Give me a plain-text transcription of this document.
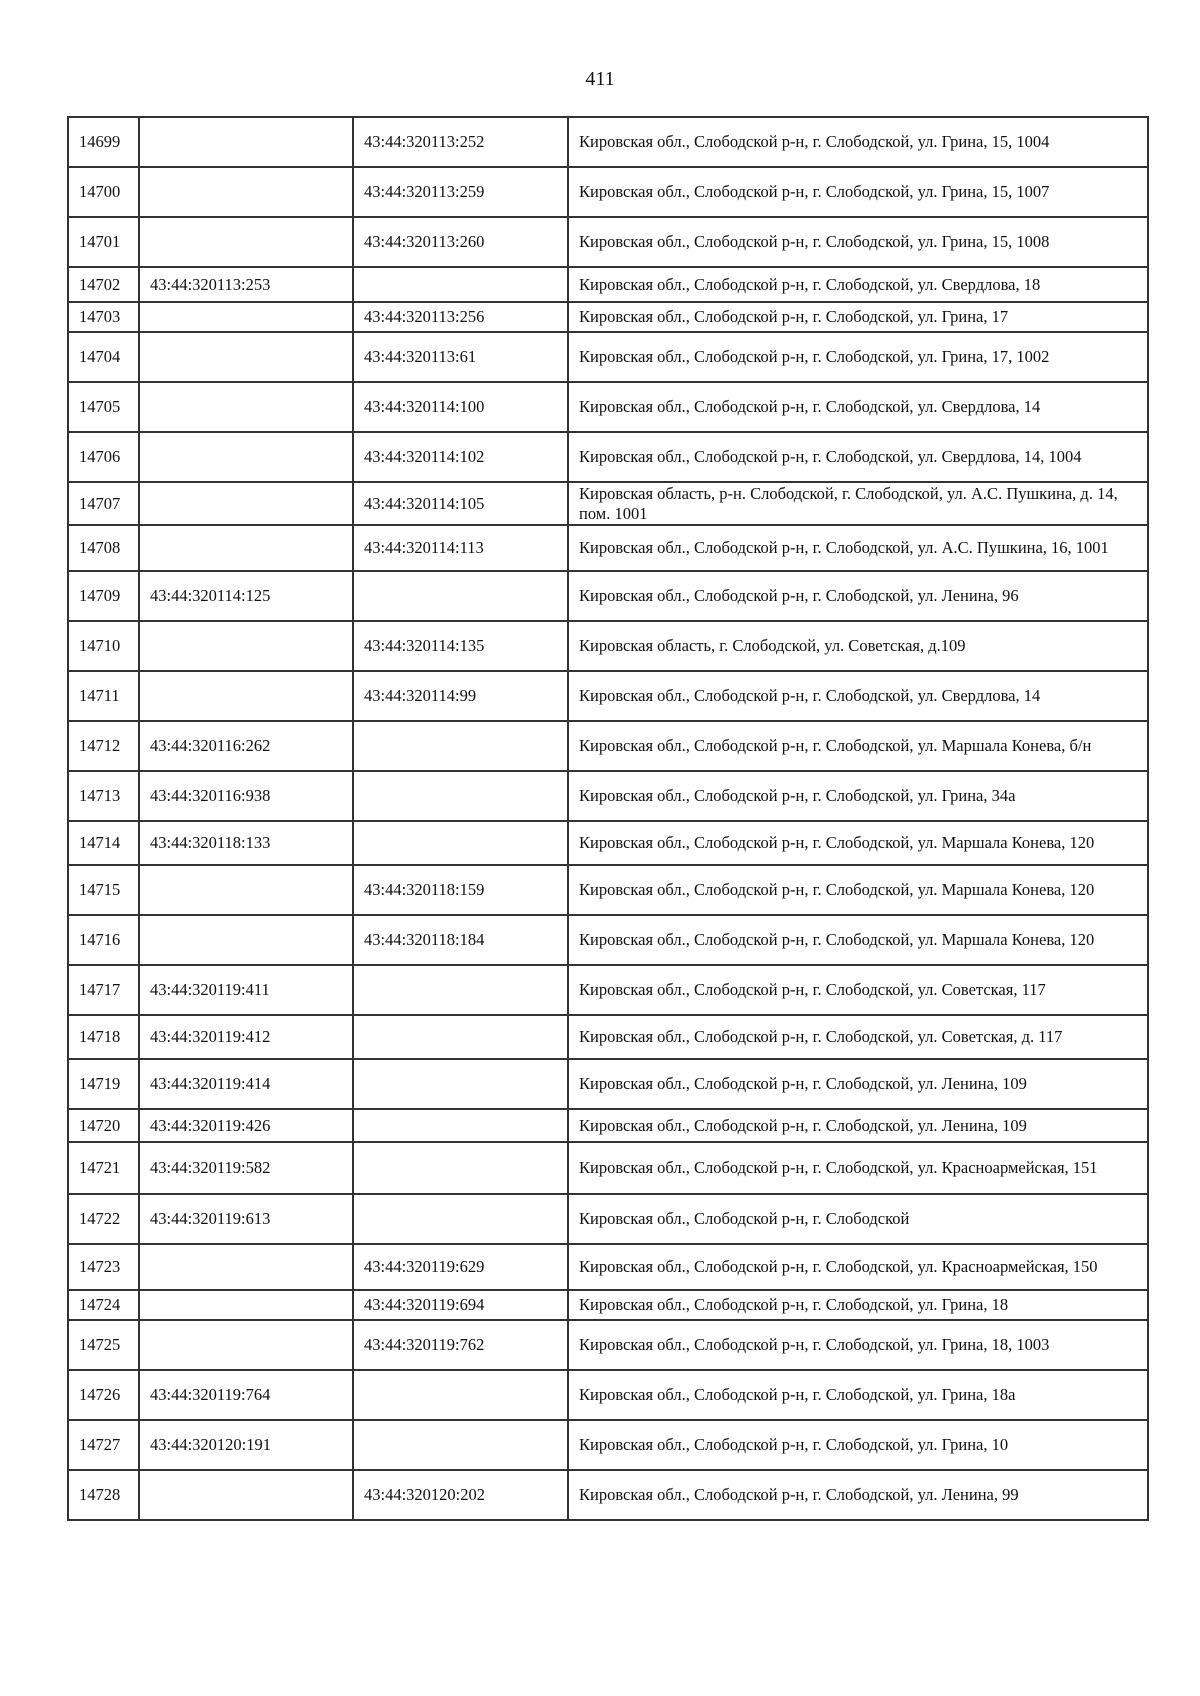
411
14699		43:44:320113:252	Кировская обл., Слободской р-н, г. Слободской, ул. Грина, 15, 1004
14700		43:44:320113:259	Кировская обл., Слободской р-н, г. Слободской, ул. Грина, 15, 1007
14701		43:44:320113:260	Кировская обл., Слободской р-н, г. Слободской, ул. Грина, 15, 1008
14702	43:44:320113:253		Кировская обл., Слободской р-н, г. Слободской, ул. Свердлова, 18
14703		43:44:320113:256	Кировская обл., Слободской р-н, г. Слободской, ул. Грина, 17
14704		43:44:320113:61	Кировская обл., Слободской р-н, г. Слободской, ул. Грина, 17, 1002
14705		43:44:320114:100	Кировская обл., Слободской р-н, г. Слободской, ул. Свердлова, 14
14706		43:44:320114:102	Кировская обл., Слободской р-н, г. Слободской, ул. Свердлова, 14, 1004
14707		43:44:320114:105	Кировская область, р-н. Слободской, г. Слободской, ул. А.С. Пушкина, д. 14, пом. 1001
14708		43:44:320114:113	Кировская обл., Слободской р-н, г. Слободской, ул. А.С. Пушкина, 16, 1001
14709	43:44:320114:125		Кировская обл., Слободской р-н, г. Слободской, ул. Ленина, 96
14710		43:44:320114:135	Кировская область, г. Слободской, ул. Советская, д.109
14711		43:44:320114:99	Кировская обл., Слободской р-н, г. Слободской, ул. Свердлова, 14
14712	43:44:320116:262		Кировская обл., Слободской р-н, г. Слободской, ул. Маршала Конева, б/н
14713	43:44:320116:938		Кировская обл., Слободской р-н, г. Слободской, ул. Грина, 34а
14714	43:44:320118:133		Кировская обл., Слободской р-н, г. Слободской, ул. Маршала Конева, 120
14715		43:44:320118:159	Кировская обл., Слободской р-н, г. Слободской, ул. Маршала Конева, 120
14716		43:44:320118:184	Кировская обл., Слободской р-н, г. Слободской, ул. Маршала Конева, 120
14717	43:44:320119:411		Кировская обл., Слободской р-н, г. Слободской, ул. Советская, 117
14718	43:44:320119:412		Кировская обл., Слободской р-н, г. Слободской, ул. Советская, д. 117
14719	43:44:320119:414		Кировская обл., Слободской р-н, г. Слободской, ул. Ленина, 109
14720	43:44:320119:426		Кировская обл., Слободской р-н, г. Слободской, ул. Ленина, 109
14721	43:44:320119:582		Кировская обл., Слободской р-н, г. Слободской, ул. Красноармейская, 151
14722	43:44:320119:613		Кировская обл., Слободской р-н, г. Слободской
14723		43:44:320119:629	Кировская обл., Слободской р-н, г. Слободской, ул. Красноармейская, 150
14724		43:44:320119:694	Кировская обл., Слободской р-н, г. Слободской, ул. Грина, 18
14725		43:44:320119:762	Кировская обл., Слободской р-н, г. Слободской, ул. Грина, 18, 1003
14726	43:44:320119:764		Кировская обл., Слободской р-н, г. Слободской, ул. Грина, 18а
14727	43:44:320120:191		Кировская обл., Слободской р-н, г. Слободской, ул. Грина, 10
14728		43:44:320120:202	Кировская обл., Слободской р-н, г. Слободской, ул. Ленина, 99
